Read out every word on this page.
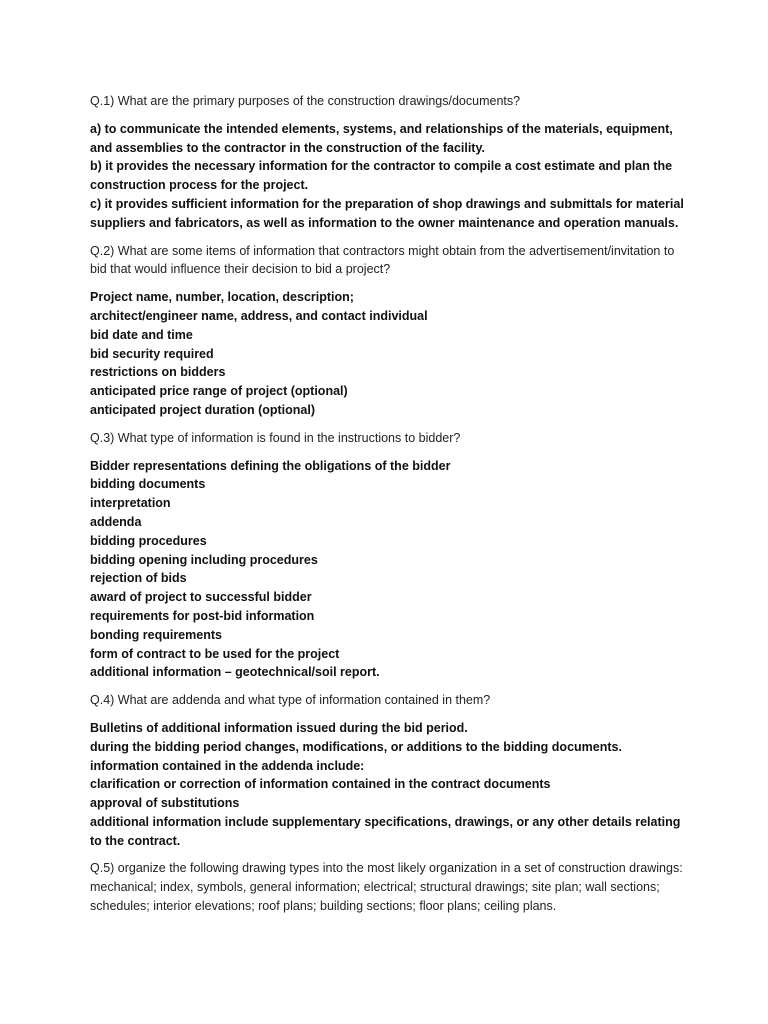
Q.1) What are the primary purposes of the construction drawings/documents?

a) to communicate the intended elements, systems, and relationships of the materials, equipment, and assemblies to the contractor in the construction of the facility.
b) it provides the necessary information for the contractor to compile a cost estimate and plan the construction process for the project.
c) it provides sufficient information for the preparation of shop drawings and submittals for material suppliers and fabricators, as well as information to the owner maintenance and operation manuals.

Q.2) What are some items of information that contractors might obtain from the advertisement/invitation to bid that would influence their decision to bid a project?

Project name, number, location, description;
architect/engineer name, address, and contact individual
bid date and time
bid security required
restrictions on bidders
anticipated price range of project (optional)
anticipated project duration (optional)

Q.3) What type of information is found in the instructions to bidder?

Bidder representations defining the obligations of the bidder
bidding documents
interpretation
addenda
bidding procedures
bidding opening including procedures
rejection of bids
award of project to successful bidder
requirements for post-bid information
bonding requirements
form of contract to be used for the project
additional information – geotechnical/soil report.

Q.4) What are addenda and what type of information contained in them?

Bulletins of additional information issued during the bid period.
during the bidding period changes, modifications, or additions to the bidding documents.
information contained in the addenda include:
clarification or correction of information contained in the contract documents
approval of substitutions
additional information include supplementary specifications, drawings, or any other details relating to the contract.

Q.5) organize the following drawing types into the most likely organization in a set of construction drawings: mechanical; index, symbols, general information; electrical; structural drawings; site plan; wall sections; schedules; interior elevations; roof plans; building sections; floor plans; ceiling plans.
